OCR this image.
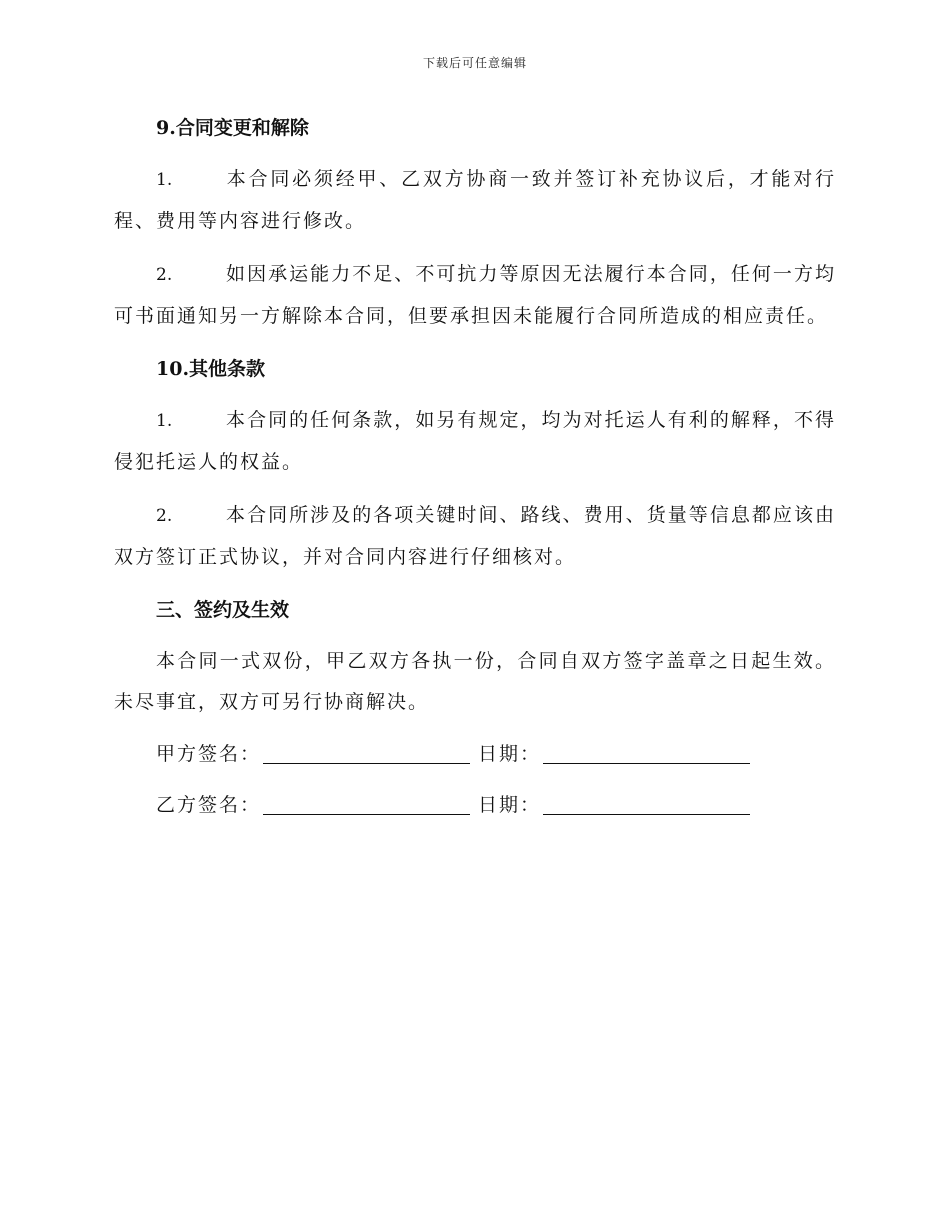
下载后可任意编辑
9.合同变更和解除
1.	本合同必须经甲、乙双方协商一致并签订补充协议后，才能对行程、费用等内容进行修改。
2.	如因承运能力不足、不可抗力等原因无法履行本合同，任何一方均可书面通知另一方解除本合同，但要承担因未能履行合同所造成的相应责任。
10.其他条款
1.	本合同的任何条款，如另有规定，均为对托运人有利的解释，不得侵犯托运人的权益。
2.	本合同所涉及的各项关键时间、路线、费用、货量等信息都应该由双方签订正式协议，并对合同内容进行仔细核对。
三、签约及生效
本合同一式双份，甲乙双方各执一份，合同自双方签字盖章之日起生效。未尽事宜，双方可另行协商解决。
甲方签名：	日期：
乙方签名：	日期：
